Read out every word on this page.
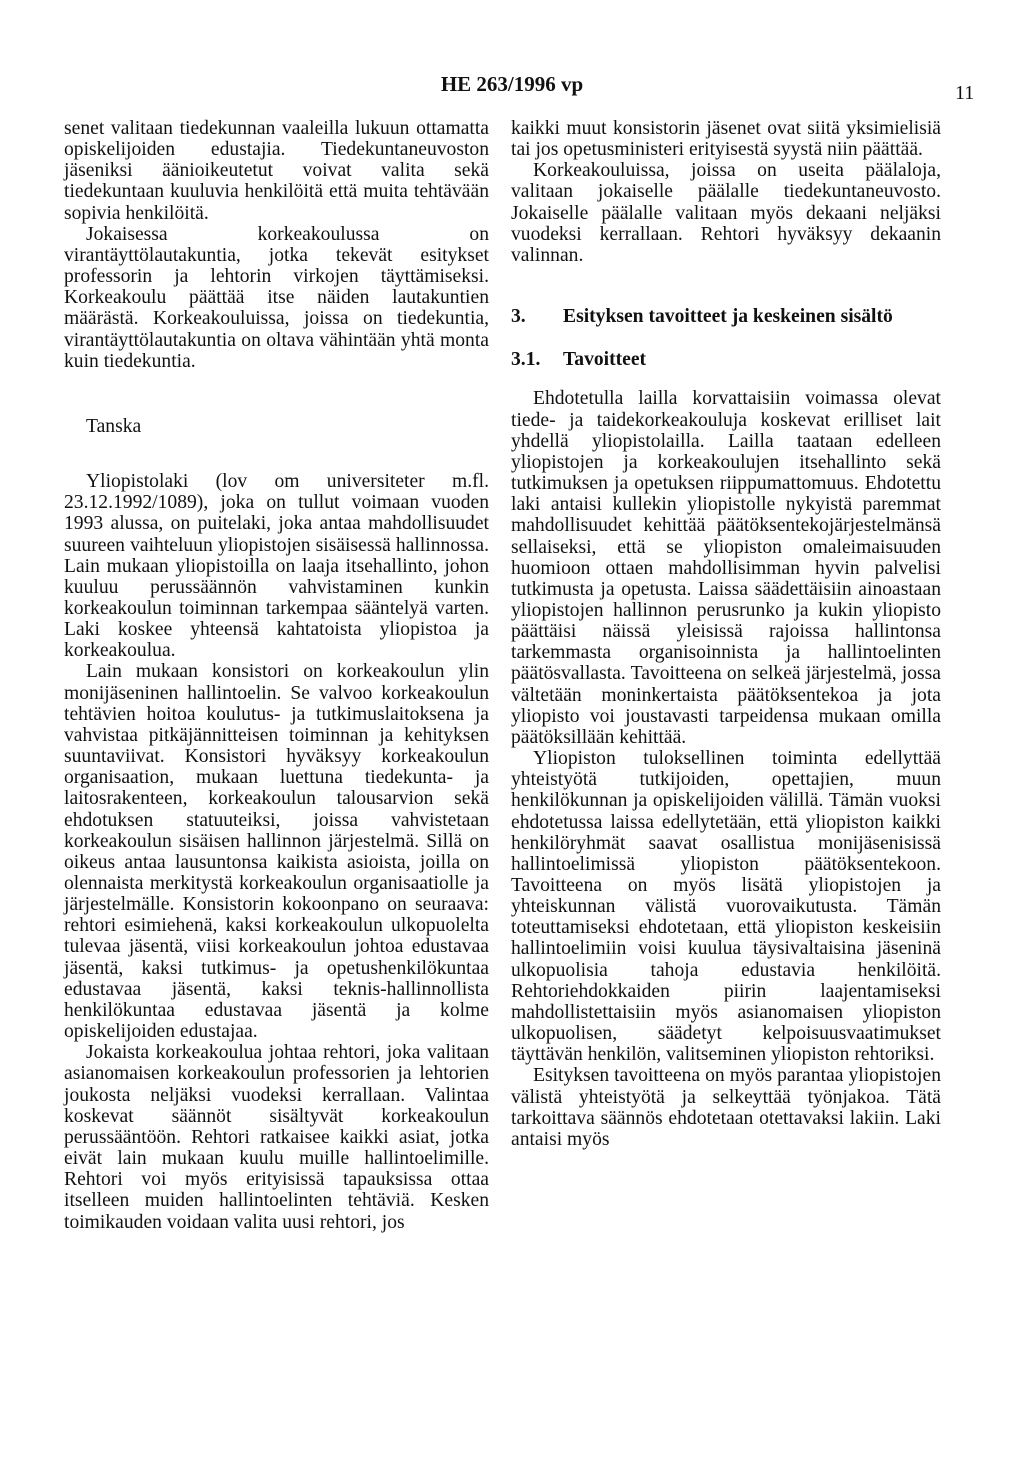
HE 263/1996 vp	11

senet valitaan tiedekunnan vaaleilla lukuun ottamatta opiskelijoiden edustajia. Tiedekuntaneuvoston jäseniksi äänioikeutetut voivat valita sekä tiedekuntaan kuuluvia henkilöitä että muita tehtävään sopivia henkilöitä.

Jokaisessa korkeakoulussa on virantäyttölautakuntia, jotka tekevät esitykset professorin ja lehtorin virkojen täyttämiseksi. Korkeakoulu päättää itse näiden lautakuntien määrästä. Korkeakouluissa, joissa on tiedekuntia, virantäyttölautakuntia on oltava vähintään yhtä monta kuin tiedekuntia.

Tanska

Yliopistolaki (lov om universiteter m.fl. 23.12.1992/1089), joka on tullut voimaan vuoden 1993 alussa, on puitelaki, joka antaa mahdollisuudet suureen vaihteluun yliopistojen sisäisessä hallinnossa. Lain mukaan yliopistoilla on laaja itsehallinto, johon kuuluu perussäännön vahvistaminen kunkin korkeakoulun toiminnan tarkempaa sääntelyä varten. Laki koskee yhteensä kahtatoista yliopistoa ja korkeakoulua.

Lain mukaan konsistori on korkeakoulun ylin monijäseninen hallintoelin. Se valvoo korkeakoulun tehtävien hoitoa koulutus- ja tutkimuslaitoksena ja vahvistaa pitkäjännitteisen toiminnan ja kehityksen suuntaviivat. Konsistori hyväksyy korkeakoulun organisaation, mukaan luettuna tiedekunta- ja laitosrakenteen, korkeakoulun talousarvion sekä ehdotuksen statuuteiksi, joissa vahvistetaan korkeakoulun sisäisen hallinnon järjestelmä. Sillä on oikeus antaa lausuntonsa kaikista asioista, joilla on olennaista merkitystä korkeakoulun organisaatiolle ja järjestelmälle. Konsistorin kokoonpano on seuraava: rehtori esimiehenä, kaksi korkeakoulun ulkopuolelta tulevaa jäsentä, viisi korkeakoulun johtoa edustavaa jäsentä, kaksi tutkimus- ja opetushenkilökuntaa edustavaa jäsentä, kaksi teknis-hallinnollista henkilökuntaa edustavaa jäsentä ja kolme opiskelijoiden edustajaa.

Jokaista korkeakoulua johtaa rehtori, joka valitaan asianomaisen korkeakoulun professorien ja lehtorien joukosta neljäksi vuodeksi kerrallaan. Valintaa koskevat säännöt sisältyvät korkeakoulun perussääntöön. Rehtori ratkaisee kaikki asiat, jotka eivät lain mukaan kuulu muille hallintoelimille. Rehtori voi myös erityisissä tapauksissa ottaa itselleen muiden hallintoelinten tehtäviä. Kesken toimikauden voidaan valita uusi rehtori, jos

kaikki muut konsistorin jäsenet ovat siitä yksimielisiä tai jos opetusministeri erityisestä syystä niin päättää.

Korkeakouluissa, joissa on useita päälaloja, valitaan jokaiselle päälalle tiedekuntaneuvosto. Jokaiselle päälalle valitaan myös dekaani neljäksi vuodeksi kerrallaan. Rehtori hyväksyy dekaanin valinnan.

3.	Esityksen tavoitteet ja keskeinen sisältö
3.1.	Tavoitteet

Ehdotetulla lailla korvattaisiin voimassa olevat tiede- ja taidekorkeakouluja koskevat erilliset lait yhdellä yliopistolailla. Lailla taataan edelleen yliopistojen ja korkeakoulujen itsehallinto sekä tutkimuksen ja opetuksen riippumattomuus. Ehdotettu laki antaisi kullekin yliopistolle nykyistä paremmat mahdollisuudet kehittää päätöksentekojärjestelmänsä sellaiseksi, että se yliopiston omaleimaisuuden huomioon ottaen mahdollisimman hyvin palvelisi tutkimusta ja opetusta. Laissa säädettäisiin ainoastaan yliopistojen hallinnon perusrunko ja kukin yliopisto päättäisi näissä yleisissä rajoissa hallintonsa tarkemmasta organisoinnista ja hallintoelinten päätösvallasta. Tavoitteena on selkeä järjestelmä, jossa vältetään moninkertaista päätöksentekoa ja jota yliopisto voi joustavasti tarpeidensa mukaan omilla päätöksillään kehittää.

Yliopiston tuloksellinen toiminta edellyttää yhteistyötä tutkijoiden, opettajien, muun henkilökunnan ja opiskelijoiden välillä. Tämän vuoksi ehdotetussa laissa edellytetään, että yliopiston kaikki henkilöryhmät saavat osallistua monijäsenisissä hallintoelimissä yliopiston päätöksentekoon. Tavoitteena on myös lisätä yliopistojen ja yhteiskunnan välistä vuorovaikutusta. Tämän toteuttamiseksi ehdotetaan, että yliopiston keskeisiin hallintoelimiin voisi kuulua täysivaltaisina jäseninä ulkopuolisia tahoja edustavia henkilöitä. Rehtoriehdokkaiden piirin laajentamiseksi mahdollistettaisiin myös asianomaisen yliopiston ulkopuolisen, säädetyt kelpoisuusvaatimukset täyttävän henkilön, valitseminen yliopiston rehtoriksi.

Esityksen tavoitteena on myös parantaa yliopistojen välistä yhteistyötä ja selkeyttää työnjakoa. Tätä tarkoittava säännös ehdotetaan otettavaksi lakiin. Laki antaisi myös
